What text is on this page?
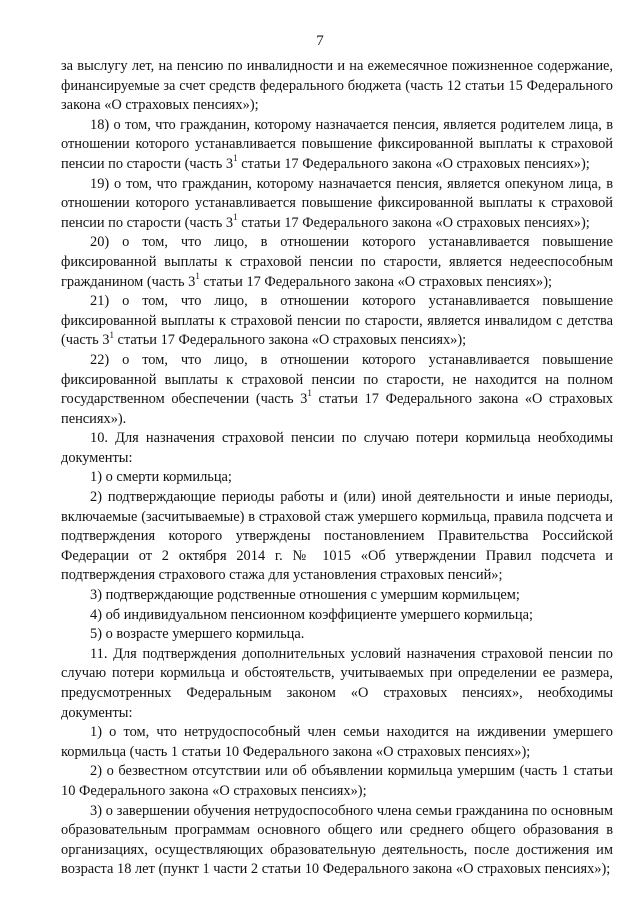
7

за выслугу лет, на пенсию по инвалидности и на ежемесячное пожизненное содержание, финансируемые за счет средств федерального бюджета (часть 12 статьи 15 Федерального закона «О страховых пенсиях»);

18) о том, что гражданин, которому назначается пенсия, является родителем лица, в отношении которого устанавливается повышение фиксированной выплаты к страховой пенсии по старости (часть $3^1$ статьи 17 Федерального закона «О страховых пенсиях»);

19) о том, что гражданин, которому назначается пенсия, является опекуном лица, в отношении которого устанавливается повышение фиксированной выплаты к страховой пенсии по старости (часть $3^1$ статьи 17 Федерального закона «О страховых пенсиях»);

20) о том, что лицо, в отношении которого устанавливается повышение фиксированной выплаты к страховой пенсии по старости, является недееспособным гражданином (часть $3^1$ статьи 17 Федерального закона «О страховых пенсиях»);

21) о том, что лицо, в отношении которого устанавливается повышение фиксированной выплаты к страховой пенсии по старости, является инвалидом с детства (часть $3^1$ статьи 17 Федерального закона «О страховых пенсиях»);

22) о том, что лицо, в отношении которого устанавливается повышение фиксированной выплаты к страховой пенсии по старости, не находится на полном государственном обеспечении (часть $3^1$ статьи 17 Федерального закона «О страховых пенсиях»).

10. Для назначения страховой пенсии по случаю потери кормильца необходимы документы:

1) о смерти кормильца;

2) подтверждающие периоды работы и (или) иной деятельности и иные периоды, включаемые (засчитываемые) в страховой стаж умершего кормильца, правила подсчета и подтверждения которого утверждены постановлением Правительства Российской Федерации от 2 октября 2014 г. № 1015 «Об утверждении Правил подсчета и подтверждения страхового стажа для установления страховых пенсий»;

3) подтверждающие родственные отношения с умершим кормильцем;

4) об индивидуальном пенсионном коэффициенте умершего кормильца;

5) о возрасте умершего кормильца.

11. Для подтверждения дополнительных условий назначения страховой пенсии по случаю потери кормильца и обстоятельств, учитываемых при определении ее размера, предусмотренных Федеральным законом «О страховых пенсиях», необходимы документы:

1) о том, что нетрудоспособный член семьи находится на иждивении умершего кормильца (часть 1 статьи 10 Федерального закона «О страховых пенсиях»);

2) о безвестном отсутствии или об объявлении кормильца умершим (часть 1 статьи 10 Федерального закона «О страховых пенсиях»);

3) о завершении обучения нетрудоспособного члена семьи гражданина по основным образовательным программам основного общего или среднего общего образования в организациях, осуществляющих образовательную деятельность, после достижения им возраста 18 лет (пункт 1 части 2 статьи 10 Федерального закона «О страховых пенсиях»);
